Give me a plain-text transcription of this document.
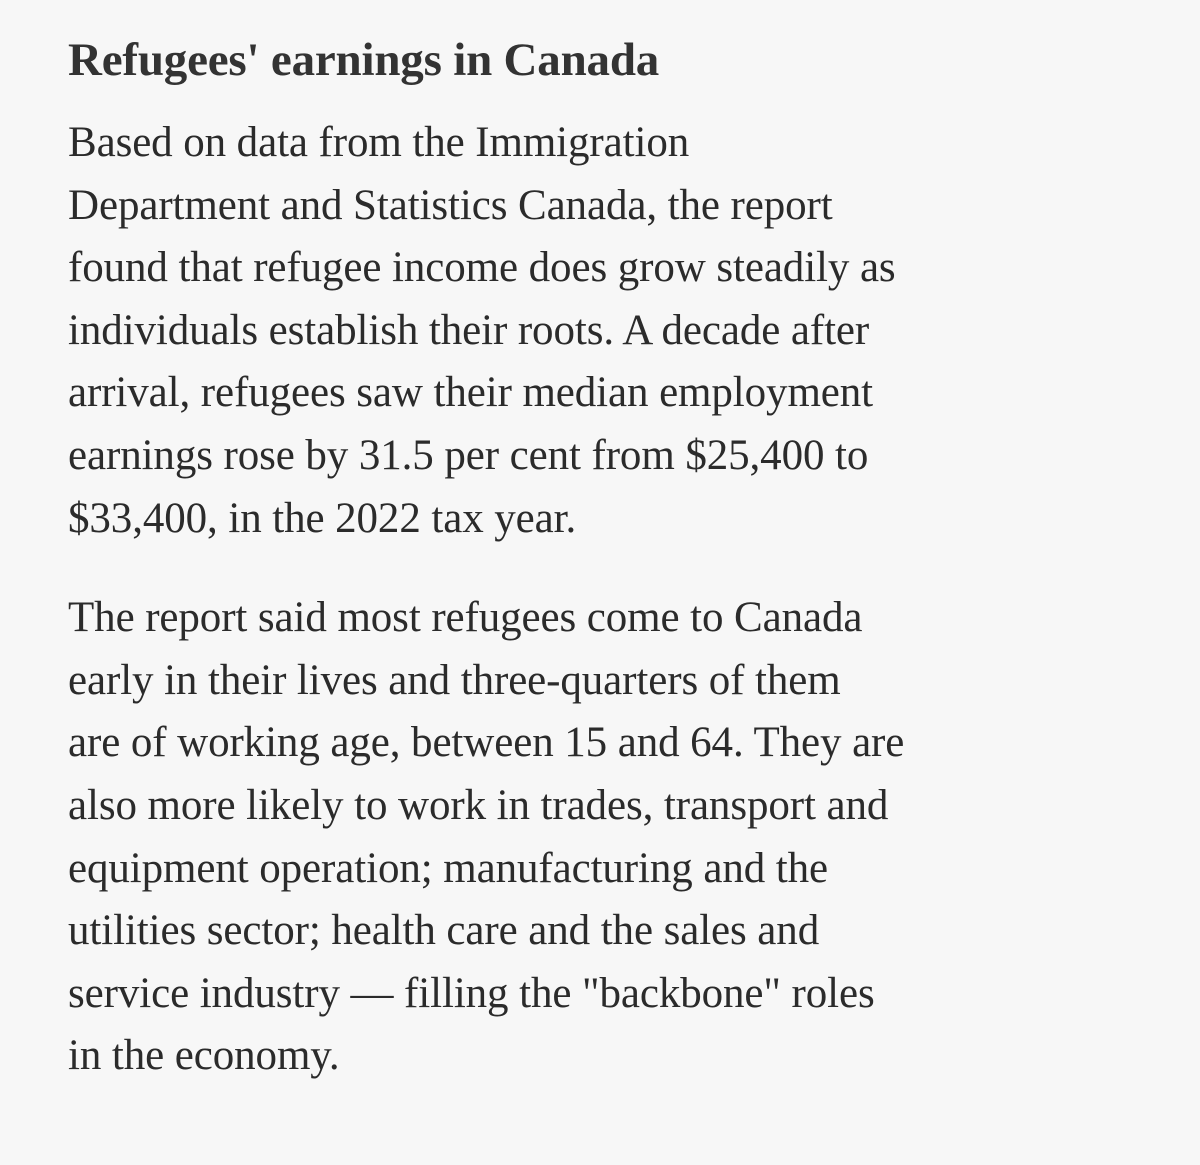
Refugees' earnings in Canada

Based on data from the Immigration
Department and Statistics Canada, the report
found that refugee income does grow steadily as
individuals establish their roots. A decade after
arrival, refugees saw their median employment
earnings rose by 31.5 per cent from $25,400 to
$33,400, in the 2022 tax year.

The report said most refugees come to Canada
early in their lives and three-quarters of them
are of working age, between 15 and 64. They are
also more likely to work in trades, transport and
equipment operation; manufacturing and the
utilities sector; health care and the sales and
service industry — filling the "backbone" roles
in the economy.
